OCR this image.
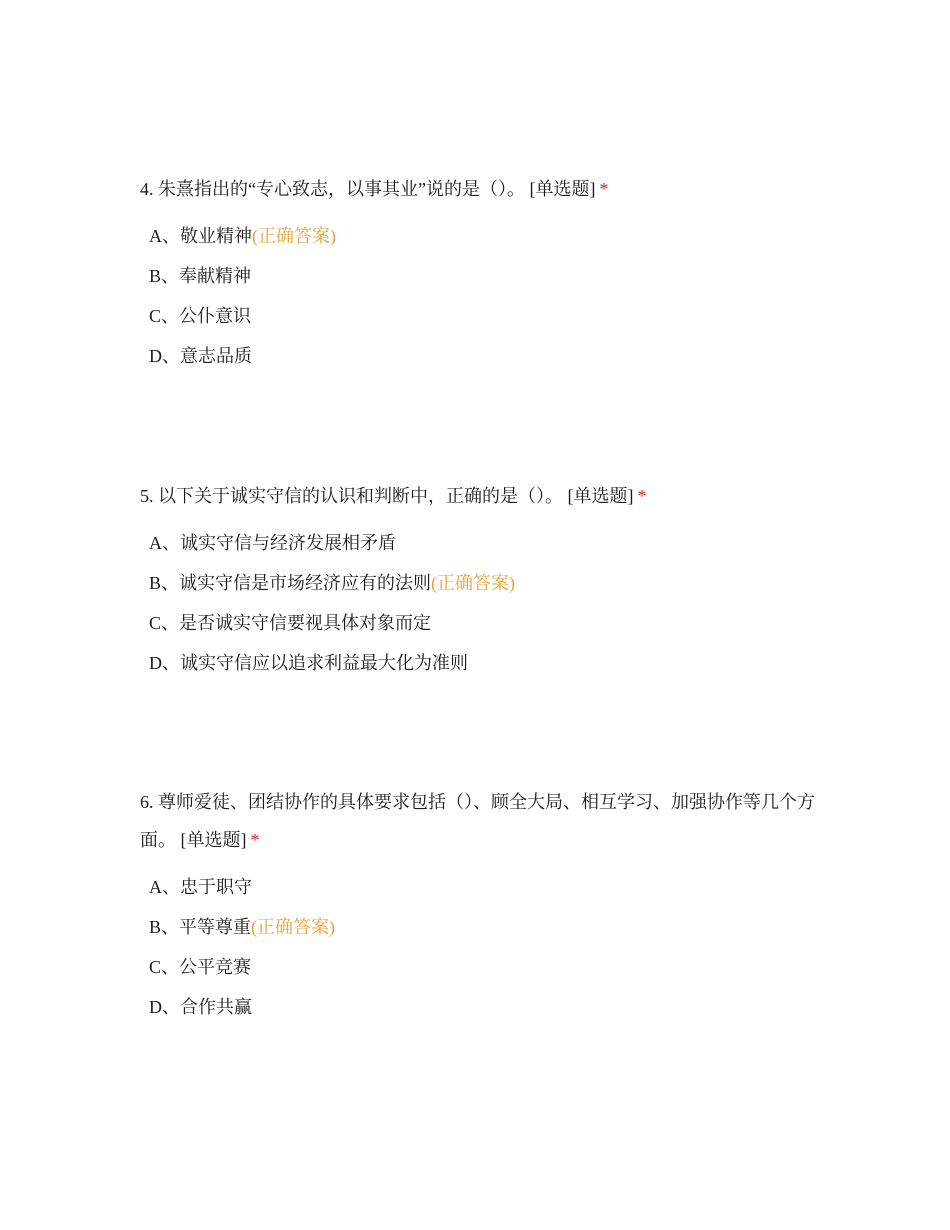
4. 朱熹指出的“专心致志，以事其业”说的是（）。 [单选题] *

A、敬业精神(正确答案)
B、奉献精神
C、公仆意识
D、意志品质

5. 以下关于诚实守信的认识和判断中，正确的是（）。 [单选题] *

A、诚实守信与经济发展相矛盾
B、诚实守信是市场经济应有的法则(正确答案)
C、是否诚实守信要视具体对象而定
D、诚实守信应以追求利益最大化为准则

6. 尊师爱徒、团结协作的具体要求包括（）、顾全大局、相互学习、加强协作等几个方面。 [单选题] *

A、忠于职守
B、平等尊重(正确答案)
C、公平竞赛
D、合作共赢
